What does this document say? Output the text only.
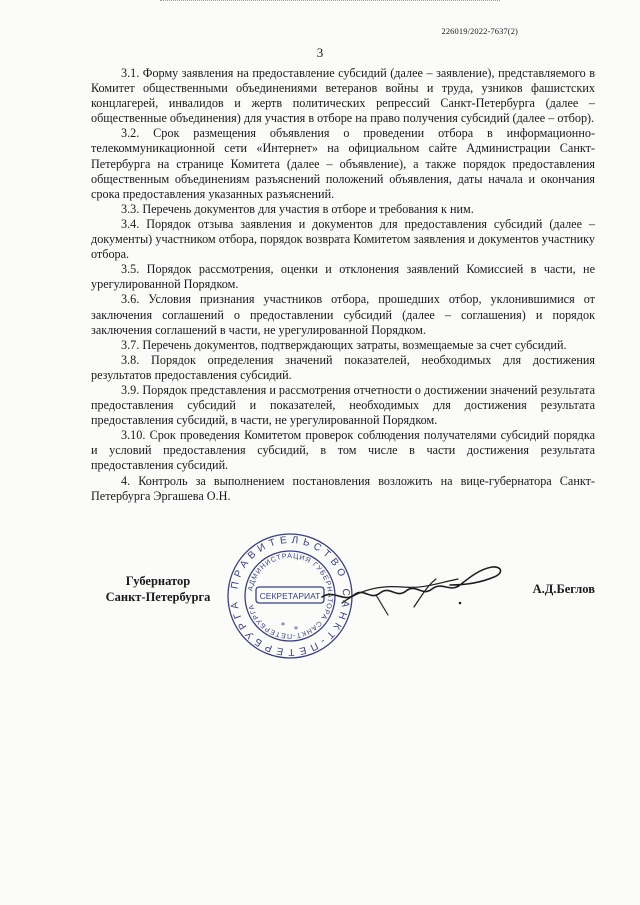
226019/2022-7637(2)
3

3.1. Форму заявления на предоставление субсидий (далее – заявление), представляемого в Комитет общественными объединениями ветеранов войны и труда, узников фашистских концлагерей, инвалидов и жертв политических репрессий Санкт-Петербурга (далее – общественные объединения) для участия в отборе на право получения субсидий (далее – отбор).

3.2. Срок размещения объявления о проведении отбора в информационно-телекоммуникационной сети «Интернет» на официальном сайте Администрации Санкт-Петербурга на странице Комитета (далее – объявление), а также порядок предоставления общественным объединениям разъяснений положений объявления, даты начала и окончания срока предоставления указанных разъяснений.

3.3. Перечень документов для участия в отборе и требования к ним.

3.4. Порядок отзыва заявления и документов для предоставления субсидий (далее – документы) участником отбора, порядок возврата Комитетом заявления и документов участнику отбора.

3.5. Порядок рассмотрения, оценки и отклонения заявлений Комиссией в части, не урегулированной Порядком.

3.6. Условия признания участников отбора, прошедших отбор, уклонившимися от заключения соглашений о предоставлении субсидий (далее – соглашения) и порядок заключения соглашений в части, не урегулированной Порядком.

3.7. Перечень документов, подтверждающих затраты, возмещаемые за счет субсидий.

3.8. Порядок определения значений показателей, необходимых для достижения результатов предоставления субсидий.

3.9. Порядок представления и рассмотрения отчетности о достижении значений результата предоставления субсидий и показателей, необходимых для достижения результата предоставления субсидий, в части, не урегулированной Порядком.

3.10. Срок проведения Комитетом проверок соблюдения получателями субсидий порядка и условий предоставления субсидий, в том числе в части достижения результата предоставления субсидий.

4. Контроль за выполнением постановления возложить на вице-губернатора Санкт-Петербурга Эргашева О.Н.

Губернатор
Санкт-Петербурга
ПРАВИТЕЛЬСТВО САНКТ-ПЕТЕРБУРГА
АДМИНИСТРАЦИЯ ГУБЕРНАТОРА САНКТ-ПЕТЕРБУРГА
СЕКРЕТАРИАТ
* *
А.Д.Беглов
